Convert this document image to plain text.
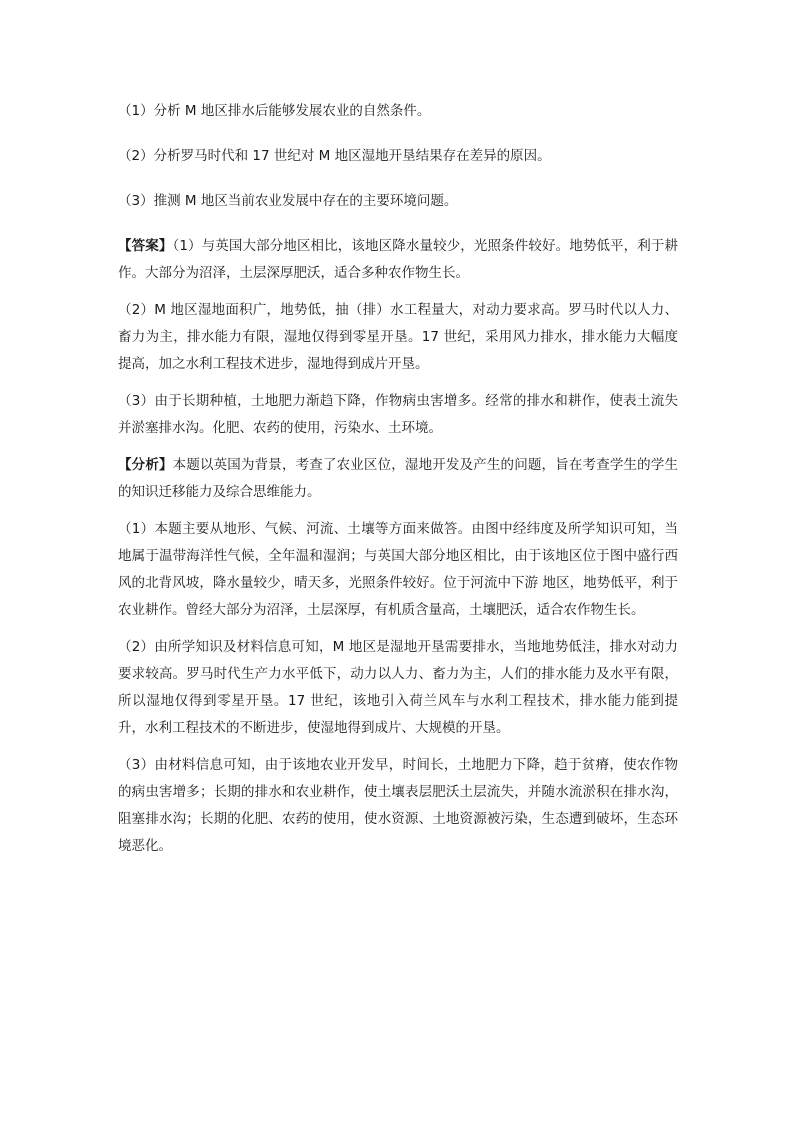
（1）分析 M 地区排水后能够发展农业的自然条件。

（2）分析罗马时代和 17 世纪对 M 地区湿地开垦结果存在差异的原因。

（3）推测 M 地区当前农业发展中存在的主要环境问题。

【答案】（1）与英国大部分地区相比，该地区降水量较少，光照条件较好。地势低平，利于耕作。大部分为沼泽，土层深厚肥沃，适合多种农作物生长。

（2）M 地区湿地面积广，地势低，抽（排）水工程量大，对动力要求高。罗马时代以人力、畜力为主，排水能力有限，湿地仅得到零星开垦。17 世纪，采用风力排水，排水能力大幅度提高，加之水利工程技术进步，湿地得到成片开垦。

（3）由于长期种植，土地肥力渐趋下降，作物病虫害增多。经常的排水和耕作，使表土流失并淤塞排水沟。化肥、农药的使用，污染水、土环境。

【分析】本题以英国为背景，考查了农业区位，湿地开发及产生的问题，旨在考查学生的学生的知识迁移能力及综合思维能力。

（1）本题主要从地形、气候、河流、土壤等方面来做答。由图中经纬度及所学知识可知，当地属于温带海洋性气候，全年温和湿润；与英国大部分地区相比，由于该地区位于图中盛行西风的北背风坡，降水量较少，晴天多，光照条件较好。位于河流中下游 地区，地势低平，利于农业耕作。曾经大部分为沼泽，土层深厚，有机质含量高，土壤肥沃，适合农作物生长。

（2）由所学知识及材料信息可知，M 地区是湿地开垦需要排水，当地地势低洼，排水对动力要求较高。罗马时代生产力水平低下，动力以人力、畜力为主，人们的排水能力及水平有限，所以湿地仅得到零星开垦。17 世纪，该地引入荷兰风车与水利工程技术，排水能力能到提升，水利工程技术的不断进步，使湿地得到成片、大规模的开垦。

（3）由材料信息可知，由于该地农业开发早，时间长，土地肥力下降，趋于贫瘠，使农作物的病虫害增多；长期的排水和农业耕作，使土壤表层肥沃土层流失，并随水流淤积在排水沟，阻塞排水沟；长期的化肥、农药的使用，使水资源、土地资源被污染，生态遭到破坏，生态环境恶化。
